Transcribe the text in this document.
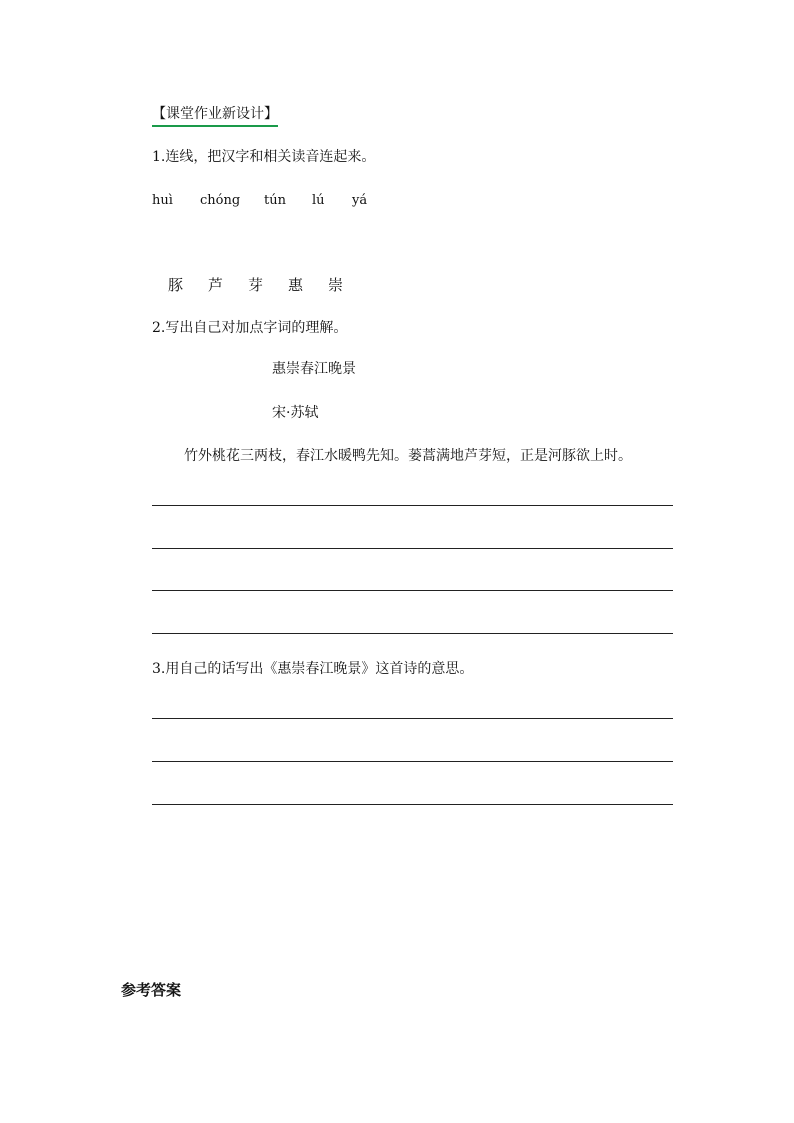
【课堂作业新设计】
1.连线，把汉字和相关读音连起来。
huì chóng tún lú yá
豚 芦 芽 惠 崇
2.写出自己对加点字词的理解。
惠崇春江晚景
宋·苏轼
竹外桃花三两枝，春江水暖鸭先知。蒌蒿满地芦芽短，正是河豚欲上时。
3.用自己的话写出《惠崇春江晚景》这首诗的意思。
参考答案
